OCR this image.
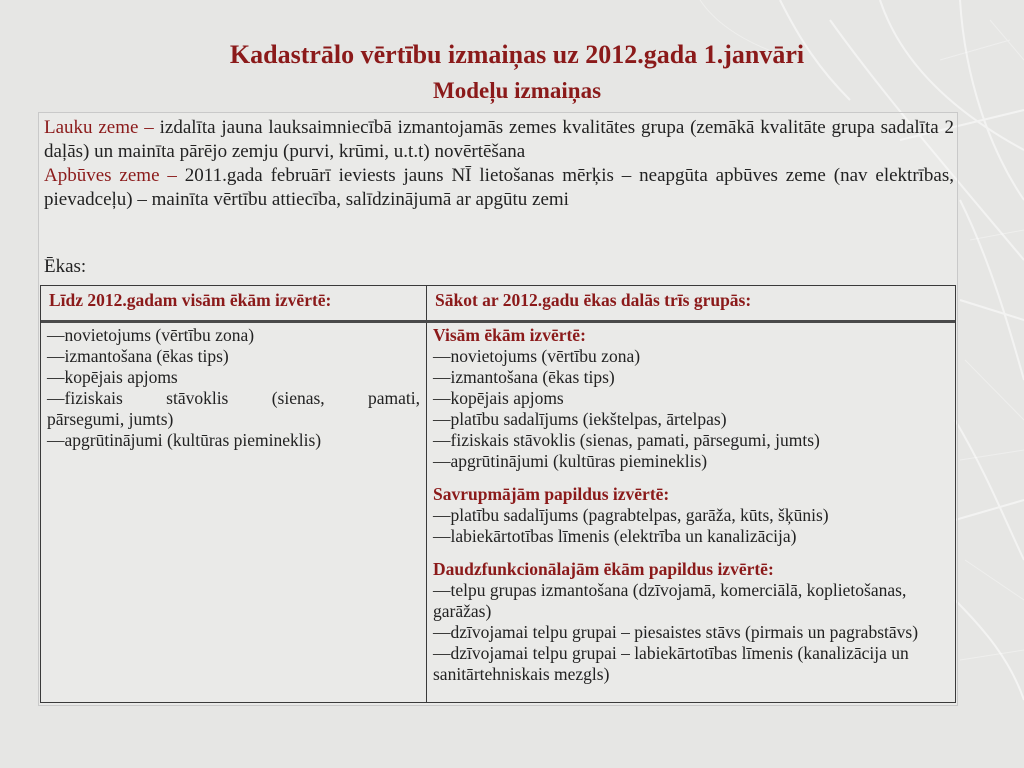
Kadastrālo vērtību izmaiņas uz 2012.gada 1.janvāri
Modeļu izmaiņas

Lauku zeme – izdalīta jauna lauksaimniecībā izmantojamās zemes kvalitātes grupa (zemākā kvalitāte grupa sadalīta 2 daļās) un mainīta pārējo zemju (purvi, krūmi, u.t.t) novērtēšana

Apbūves zeme – 2011.gada februārī ieviests jauns NĪ lietošanas mērķis – neapgūta apbūves zeme (nav elektrības, pievadceļu) – mainīta vērtību attiecība, salīdzinājumā ar apgūtu zemi

Ēkas:
Līdz 2012.gadam visām ēkām izvērtē:	Sākot ar 2012.gadu ēkas dalās trīs grupās:
―novietojums (vērtību zona)
―izmantošana (ēkas tips)
―kopējais apjoms
―fiziskais stāvoklis (sienas, pamati,
pārsegumi, jumts)
―apgrūtinājumi (kultūras piemineklis)

Visām ēkām izvērtē:

―novietojums (vērtību zona)
―izmantošana (ēkas tips)
―kopējais apjoms
―platību sadalījums (iekštelpas, ārtelpas)
―fiziskais stāvoklis (sienas, pamati, pārsegumi, jumts)
―apgrūtinājumi (kultūras piemineklis)

Savrupmājām papildus izvērtē:

―platību sadalījums (pagrabtelpas, garāža, kūts, šķūnis)
―labiekārtotības līmenis (elektrība un kanalizācija)

Daudzfunkcionālajām ēkām papildus izvērtē:

―telpu grupas izmantošana (dzīvojamā, komerciālā, koplietošanas, garāžas)
―dzīvojamai telpu grupai – piesaistes stāvs (pirmais un pagrabstāvs)
―dzīvojamai telpu grupai – labiekārtotības līmenis (kanalizācija un sanitārtehniskais mezgls)
